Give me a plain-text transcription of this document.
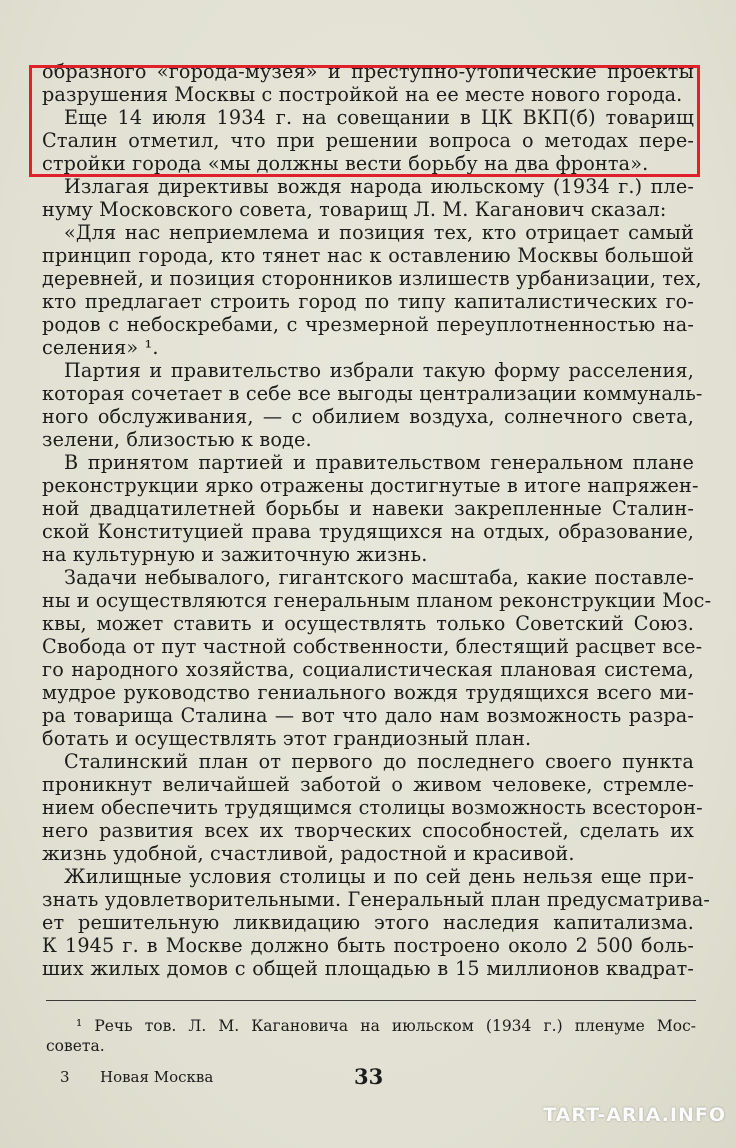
образного «города-музея» и преступно-утопические проекты
разрушения Москвы с постройкой на ее месте нового города.
Еще 14 июля 1934 г. на совещании в ЦК ВКП(б) товарищ
Сталин отметил, что при решении вопроса о методах пере-
стройки города «мы должны вести борьбу на два фронта».
Излагая директивы вождя народа июльскому (1934 г.) пле-
нуму Московского совета, товарищ Л. М. Каганович сказал:
«Для нас неприемлема и позиция тех, кто отрицает самый
принцип города, кто тянет нас к оставлению Москвы большой
деревней, и позиция сторонников излишеств урбанизации, тех,
кто предлагает строить город по типу капиталистических го-
родов с небоскребами, с чрезмерной переуплотненностью на-
селения» ¹.
Партия и правительство избрали такую форму расселения,
которая сочетает в себе все выгоды централизации коммуналь-
ного обслуживания, — с обилием воздуха, солнечного света,
зелени, близостью к воде.
В принятом партией и правительством генеральном плане
реконструкции ярко отражены достигнутые в итоге напряжен-
ной двадцатилетней борьбы и навеки закрепленные Сталин-
ской Конституцией права трудящихся на отдых, образование,
на культурную и зажиточную жизнь.
Задачи небывалого, гигантского масштаба, какие поставле-
ны и осуществляются генеральным планом реконструкции Мос-
квы, может ставить и осуществлять только Советский Союз.
Свобода от пут частной собственности, блестящий расцвет все-
го народного хозяйства, социалистическая плановая система,
мудрое руководство гениального вождя трудящихся всего ми-
ра товарища Сталина — вот что дало нам возможность разра-
ботать и осуществлять этот грандиозный план.
Сталинский план от первого до последнего своего пункта
проникнут величайшей заботой о живом человеке, стремле-
нием обеспечить трудящимся столицы возможность всесторон-
него развития всех их творческих способностей, сделать их
жизнь удобной, счастливой, радостной и красивой.
Жилищные условия столицы и по сей день нельзя еще при-
знать удовлетворительными. Генеральный план предусматрива-
ет решительную ликвидацию этого наследия капитализма.
К 1945 г. в Москве должно быть построено около 2 500 боль-
ших жилых домов с общей площадью в 15 миллионов квадрат-
¹ Речь тов. Л. М. Кагановича на июльском (1934 г.) пленуме Мос-
совета.
3 Новая Москва	33
TART-ARIA.INFO
